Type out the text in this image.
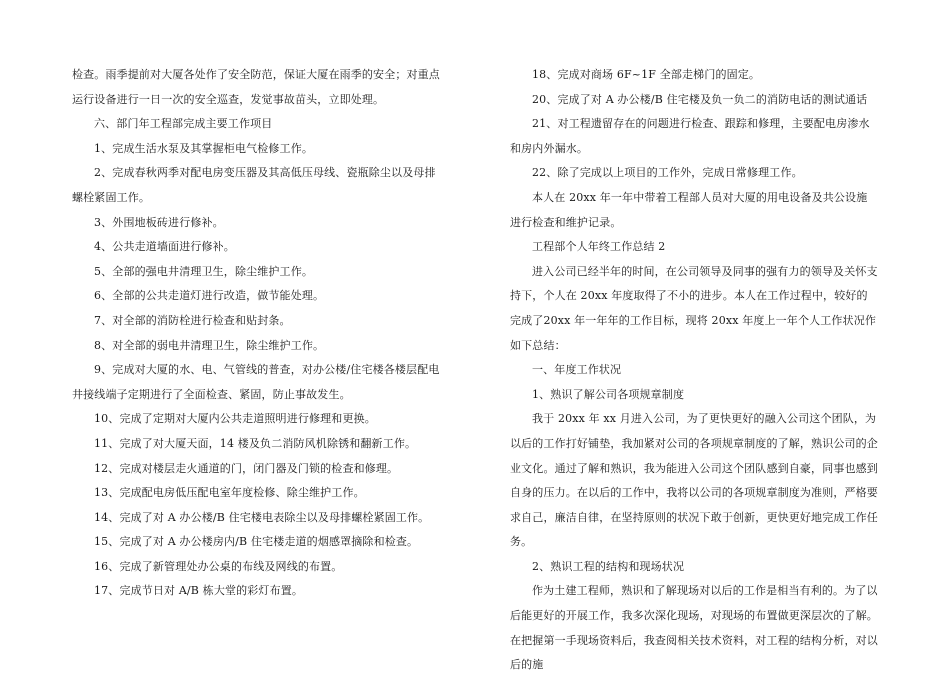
检查。雨季提前对大厦各处作了安全防范，保证大厦在雨季的安全；对重点运行设备进行一日一次的安全巡查，发觉事故苗头，立即处理。

六、部门年工程部完成主要工作项目

1、完成生活水泵及其掌握柜电气检修工作。

2、完成春秋两季对配电房变压器及其高低压母线、瓷瓶除尘以及母排螺栓紧固工作。

3、外围地板砖进行修补。

4、公共走道墙面进行修补。

5、全部的强电井清理卫生，除尘维护工作。

6、全部的公共走道灯进行改造，做节能处理。

7、对全部的消防栓进行检查和贴封条。

8、对全部的弱电井清理卫生，除尘维护工作。

9、完成对大厦的水、电、气管线的普查，对办公楼/住宅楼各楼层配电井接线端子定期进行了全面检查、紧固，防止事故发生。

10、完成了定期对大厦内公共走道照明进行修理和更换。

11、完成了对大厦天面，14 楼及负二消防风机除锈和翻新工作。

12、完成对楼层走火通道的门，闭门器及门锁的检查和修理。

13、完成配电房低压配电室年度检修、除尘维护工作。

14、完成了对 A 办公楼/B 住宅楼电表除尘以及母排螺栓紧固工作。

15、完成了对 A 办公楼房内/B 住宅楼走道的烟感罩摘除和检查。

16、完成了新管理处办公桌的布线及网线的布置。

17、完成节日对 A/B 栋大堂的彩灯布置。

18、完成对商场 6F~1F 全部走梯门的固定。

20、完成了对 A 办公楼/B 住宅楼及负一负二的消防电话的测试通话

21、对工程遗留存在的问题进行检查、跟踪和修理，主要配电房渗水和房内外漏水。

22、除了完成以上项目的工作外，完成日常修理工作。

本人在 20xx 年一年中带着工程部人员对大厦的用电设备及共公设施进行检查和维护记录。

工程部个人年终工作总结 2

进入公司已经半年的时间，在公司领导及同事的强有力的领导及关怀支持下，个人在 20xx 年度取得了不小的进步。本人在工作过程中，较好的完成了20xx 年一年年的工作目标，现将 20xx 年度上一年个人工作状况作如下总结：

一、年度工作状况

1、熟识了解公司各项规章制度

我于 20xx 年 xx 月进入公司，为了更快更好的融入公司这个团队，为以后的工作打好铺垫，我加紧对公司的各项规章制度的了解，熟识公司的企业文化。通过了解和熟识，我为能进入公司这个团队感到自豪，同事也感到自身的压力。在以后的工作中，我将以公司的各项规章制度为准则，严格要求自己，廉洁自律，在坚持原则的状况下敢于创新，更快更好地完成工作任务。

2、熟识工程的结构和现场状况

作为土建工程师，熟识和了解现场对以后的工作是相当有利的。为了以后能更好的开展工作，我多次深化现场，对现场的布置做更深层次的了解。在把握第一手现场资料后，我查阅相关技术资料，对工程的结构分析，对以后的施
